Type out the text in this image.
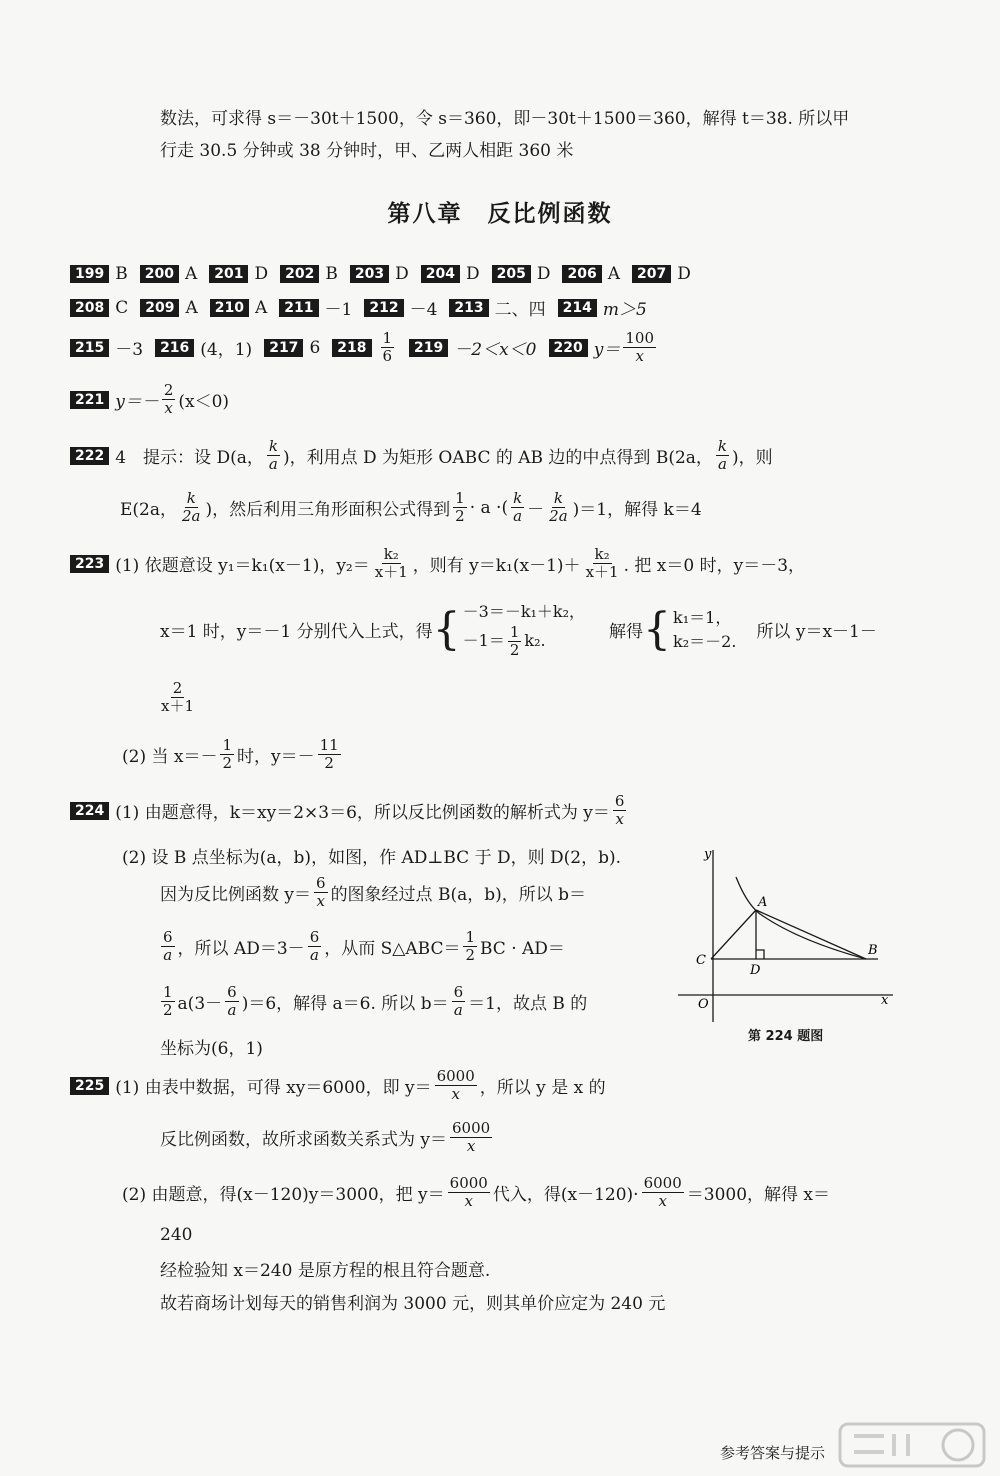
数法，可求得 s＝－30t＋1500，令 s＝360，即－30t＋1500＝360，解得 t＝38. 所以甲
行走 30.5 分钟或 38 分钟时，甲、乙两人相距 360 米
第八章　反比例函数
199 B	200 A	201 D	202 B	203 D	204 D	205 D	206 A	207 D
208 C	209 A	210 A	211 －1	212 －4	213 二、四	214 m＞5
215 －3	216 (4，1)	217 6	$218 \frac{1}{6}$	219 －2＜x＜0	220 $y= \frac{100}{x}$
221 $y=- \frac{2}{x} (x<0)$
222 4　提示：设 D(a， $\frac{k}{a}$ )，利用点 D 为矩形 OABC 的 AB 边的中点得到 B(2a， $\frac{k}{a}$ )，则
E(2a， $\frac{k}{2a}$ )，然后利用三角形面积公式得到 $\frac{1}{2} \cdot a$ ·( $\frac{k}{a} - \frac{k}{2a} )=1$，解得 k＝4
223 (1) 依题意设 y₁＝k₁(x－1)，$y_2= \frac{\text{k₂}}{x+1}$ ，则有 $y=k_1(x-1)+ \frac{\text{k₂}}{x+1}$ . 把 x＝0 时，y＝－3，
x＝1 时，y＝－1 分别代入上式，得 { －3＝－k₁＋k₂，
$-1= \frac{1}{2} k_2$.	解得 { k₁＝1，
k₂＝－2. 所以 y＝x－1－
$\frac{2}{x+1}$
(2) 当 $x=- \frac{1}{2}$ 时，$y=- \frac{11}{2}$
224 (1) 由题意得，k＝xy＝2×3＝6，所以反比例函数的解析式为 $y= \frac{6}{x}$
(2) 设 B 点坐标为(a，b)，如图，作 AD⊥BC 于 D，则 D(2，b).
因为反比例函数 $y= \frac{6}{x}$ 的图象经过点 B(a，b)，所以 b＝
$\frac{6}{a}$ ，所以 $AD=3- \frac{6}{a}$ ，从而 S△ABC＝ $\frac{1}{2}$ BC · AD＝
$\frac{1}{2} a(3- \frac{6}{a} )=6$，解得 a＝6. 所以 $b= \frac{6}{a} =1$，故点 B 的
坐标为(6，1)
y
x
O
A
B
C
D
第 224 题图
225 (1) 由表中数据，可得 xy＝6000，即 $y= \frac{6000}{x}$ ，所以 y 是 x 的
反比例函数，故所求函数关系式为 $y= \frac{6000}{x}$
(2) 由题意，得(x－120)y＝3000，把 $y= \frac{6000}{x}$ 代入，得$(x-120)\cdot \frac{6000}{x} =3000$，解得 x＝
240
经检验知 x＝240 是原方程的根且符合题意.
故若商场计划每天的销售利润为 3000 元，则其单价应定为 240 元
参考答案与提示
